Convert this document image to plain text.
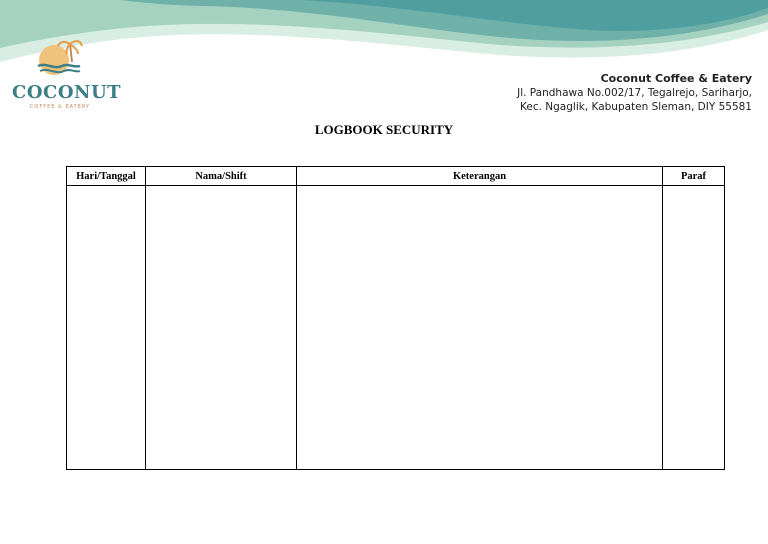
COCONUT
COFFEE & EATERY
Coconut Coffee & Eatery
Jl. Pandhawa No.002/17, Tegalrejo, Sariharjo,
Kec. Ngaglik, Kabupaten Sleman, DIY 55581
LOGBOOK SECURITY
Hari/Tanggal	Nama/Shift	Keterangan	Paraf
